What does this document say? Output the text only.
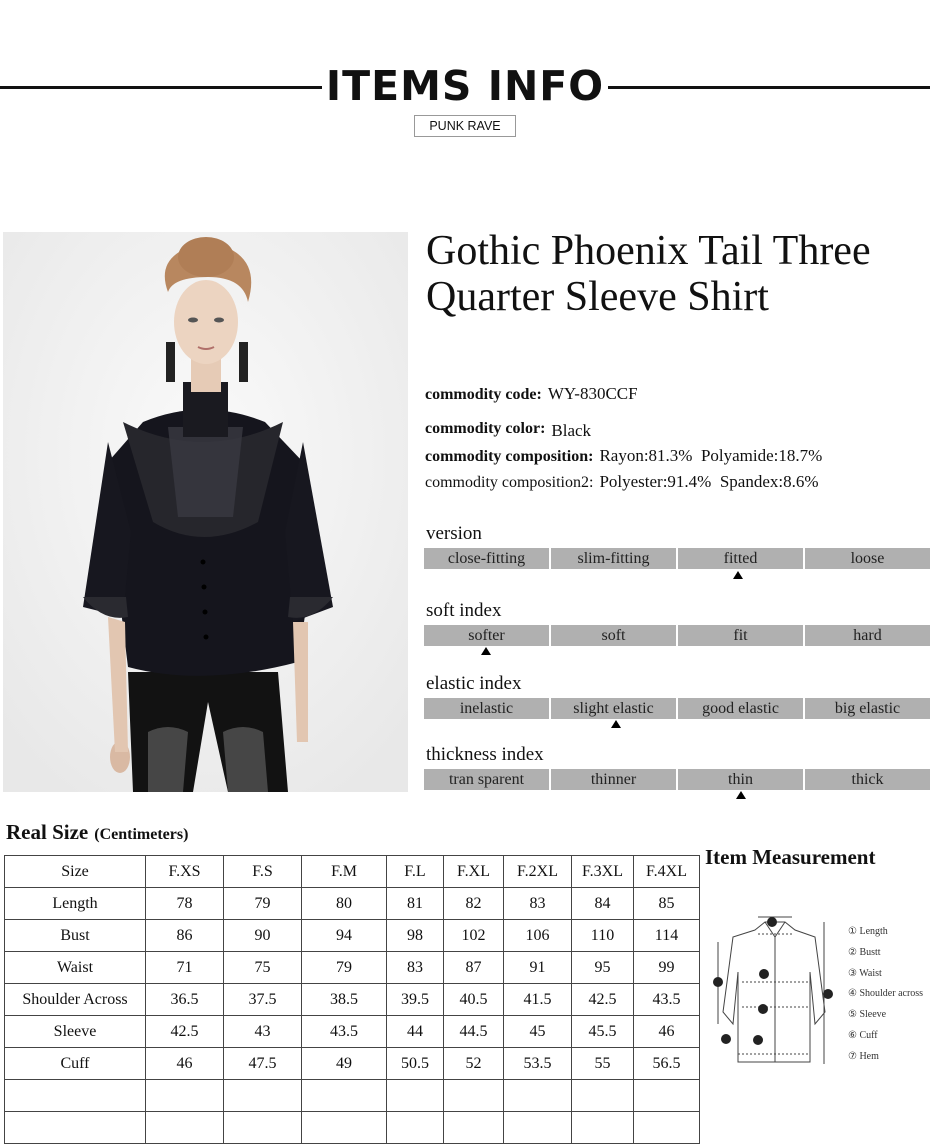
ITEMS INFO
PUNK RAVE
Gothic Phoenix Tail Three
Quarter Sleeve Shirt
commodity code: WY-830CCF
commodity color: Black
commodity composition: Rayon:81.3%  Polyamide:18.7%
commodity composition2: Polyester:91.4%  Spandex:8.6%
version
close-fitting	slim-fitting	fitted	loose
soft index
softer	soft	fit	hard
elastic index
inelastic	slight elastic	good elastic	big elastic
thickness index
tran sparent	thinner	thin	thick
Real Size (Centimeters)
Size	F.XS	F.S	F.M	F.L	F.XL	F.2XL	F.3XL	F.4XL
Length	78	79	80	81	82	83	84	85
Bust	86	90	94	98	102	106	110	114
Waist	71	75	79	83	87	91	95	99
Shoulder Across	36.5	37.5	38.5	39.5	40.5	41.5	42.5	43.5
Sleeve	42.5	43	43.5	44	44.5	45	45.5	46
Cuff	46	47.5	49	50.5	52	53.5	55	56.5

Item Measurement
① Length
② Bustt
③ Waist
④ Shoulder across
⑤ Sleeve
⑥ Cuff
⑦ Hem
